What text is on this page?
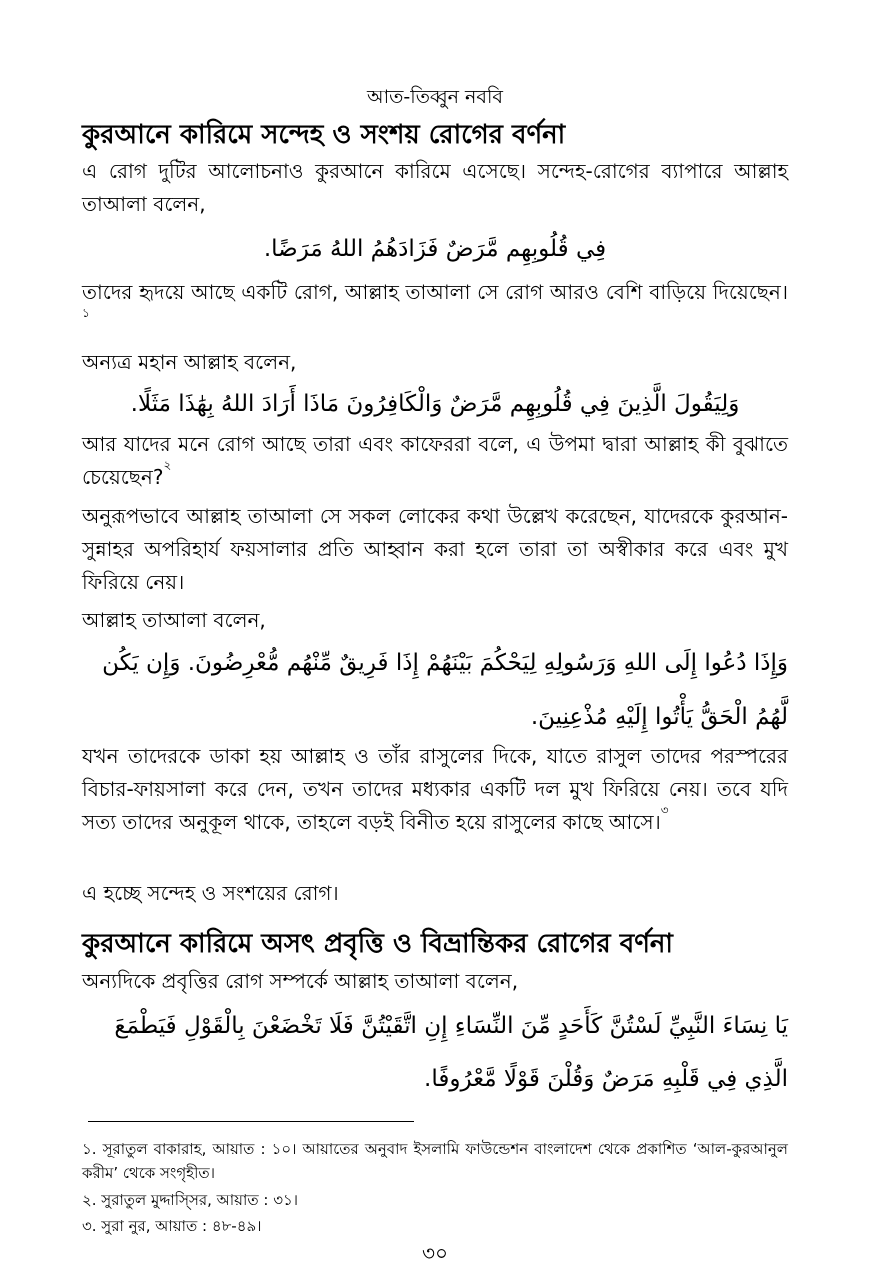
আত-তিব্বুন নববি
কুরআনে কারিমে সন্দেহ ও সংশয় রোগের বর্ণনা
এ রোগ দুটির আলোচনাও কুরআনে কারিমে এসেছে। সন্দেহ-রোগের ব্যাপারে আল্লাহ তাআলা বলেন,
فِي قُلُوبِهِم مَّرَضٌ فَزَادَهُمُ اللهُ مَرَضًا.
তাদের হৃদয়ে আছে একটি রোগ, আল্লাহ তাআলা সে রোগ আরও বেশি বাড়িয়ে দিয়েছেন।$^১$
অন্যত্র মহান আল্লাহ বলেন,
وَلِيَقُولَ الَّذِينَ فِي قُلُوبِهِم مَّرَضٌ وَالْكَافِرُونَ مَاذَا أَرَادَ اللهُ بِهَٰذَا مَثَلًا.
আর যাদের মনে রোগ আছে তারা এবং কাফেররা বলে, এ উপমা দ্বারা আল্লাহ কী বুঝাতে চেয়েছেন?$^২$
অনুরূপভাবে আল্লাহ তাআলা সে সকল লোকের কথা উল্লেখ করেছেন, যাদেরকে কুরআন-সুন্নাহর অপরিহার্য ফয়সালার প্রতি আহ্বান করা হলে তারা তা অস্বীকার করে এবং মুখ ফিরিয়ে নেয়।
আল্লাহ তাআলা বলেন,
وَإِذَا دُعُوا إِلَى اللهِ وَرَسُولِهِ لِيَحْكُمَ بَيْنَهُمْ إِذَا فَرِيقٌ مِّنْهُم مُّعْرِضُونَ. وَإِن يَكُن
لَّهُمُ الْحَقُّ يَأْتُوا إِلَيْهِ مُذْعِنِينَ.
যখন তাদেরকে ডাকা হয় আল্লাহ ও তাঁর রাসুলের দিকে, যাতে রাসুল তাদের পরস্পরের বিচার-ফায়সালা করে দেন, তখন তাদের মধ্যকার একটি দল মুখ ফিরিয়ে নেয়। তবে যদি সত্য তাদের অনুকূল থাকে, তাহলে বড়ই বিনীত হয়ে রাসুলের কাছে আসে।$^৩$
এ হচ্ছে সন্দেহ ও সংশয়ের রোগ।
কুরআনে কারিমে অসৎ প্রবৃত্তি ও বিভ্রান্তিকর রোগের বর্ণনা
অন্যদিকে প্রবৃত্তির রোগ সম্পর্কে আল্লাহ তাআলা বলেন,
يَا نِسَاءَ النَّبِيِّ لَسْتُنَّ كَأَحَدٍ مِّنَ النِّسَاءِ إِنِ اتَّقَيْتُنَّ فَلَا تَخْضَعْنَ بِالْقَوْلِ فَيَطْمَعَ
الَّذِي فِي قَلْبِهِ مَرَضٌ وَقُلْنَ قَوْلًا مَّعْرُوفًا.
১. সূরাতুল বাকারাহ, আয়াত : ১০। আয়াতের অনুবাদ ইসলামি ফাউন্ডেশন বাংলাদেশ থেকে প্রকাশিত ‘আল-কুরআনুল করীম’ থেকে সংগৃহীত।
২. সুরাতুল মুদ্দাস্সির, আয়াত : ৩১।
৩. সুরা নুর, আয়াত : ৪৮-৪৯।
৩০
